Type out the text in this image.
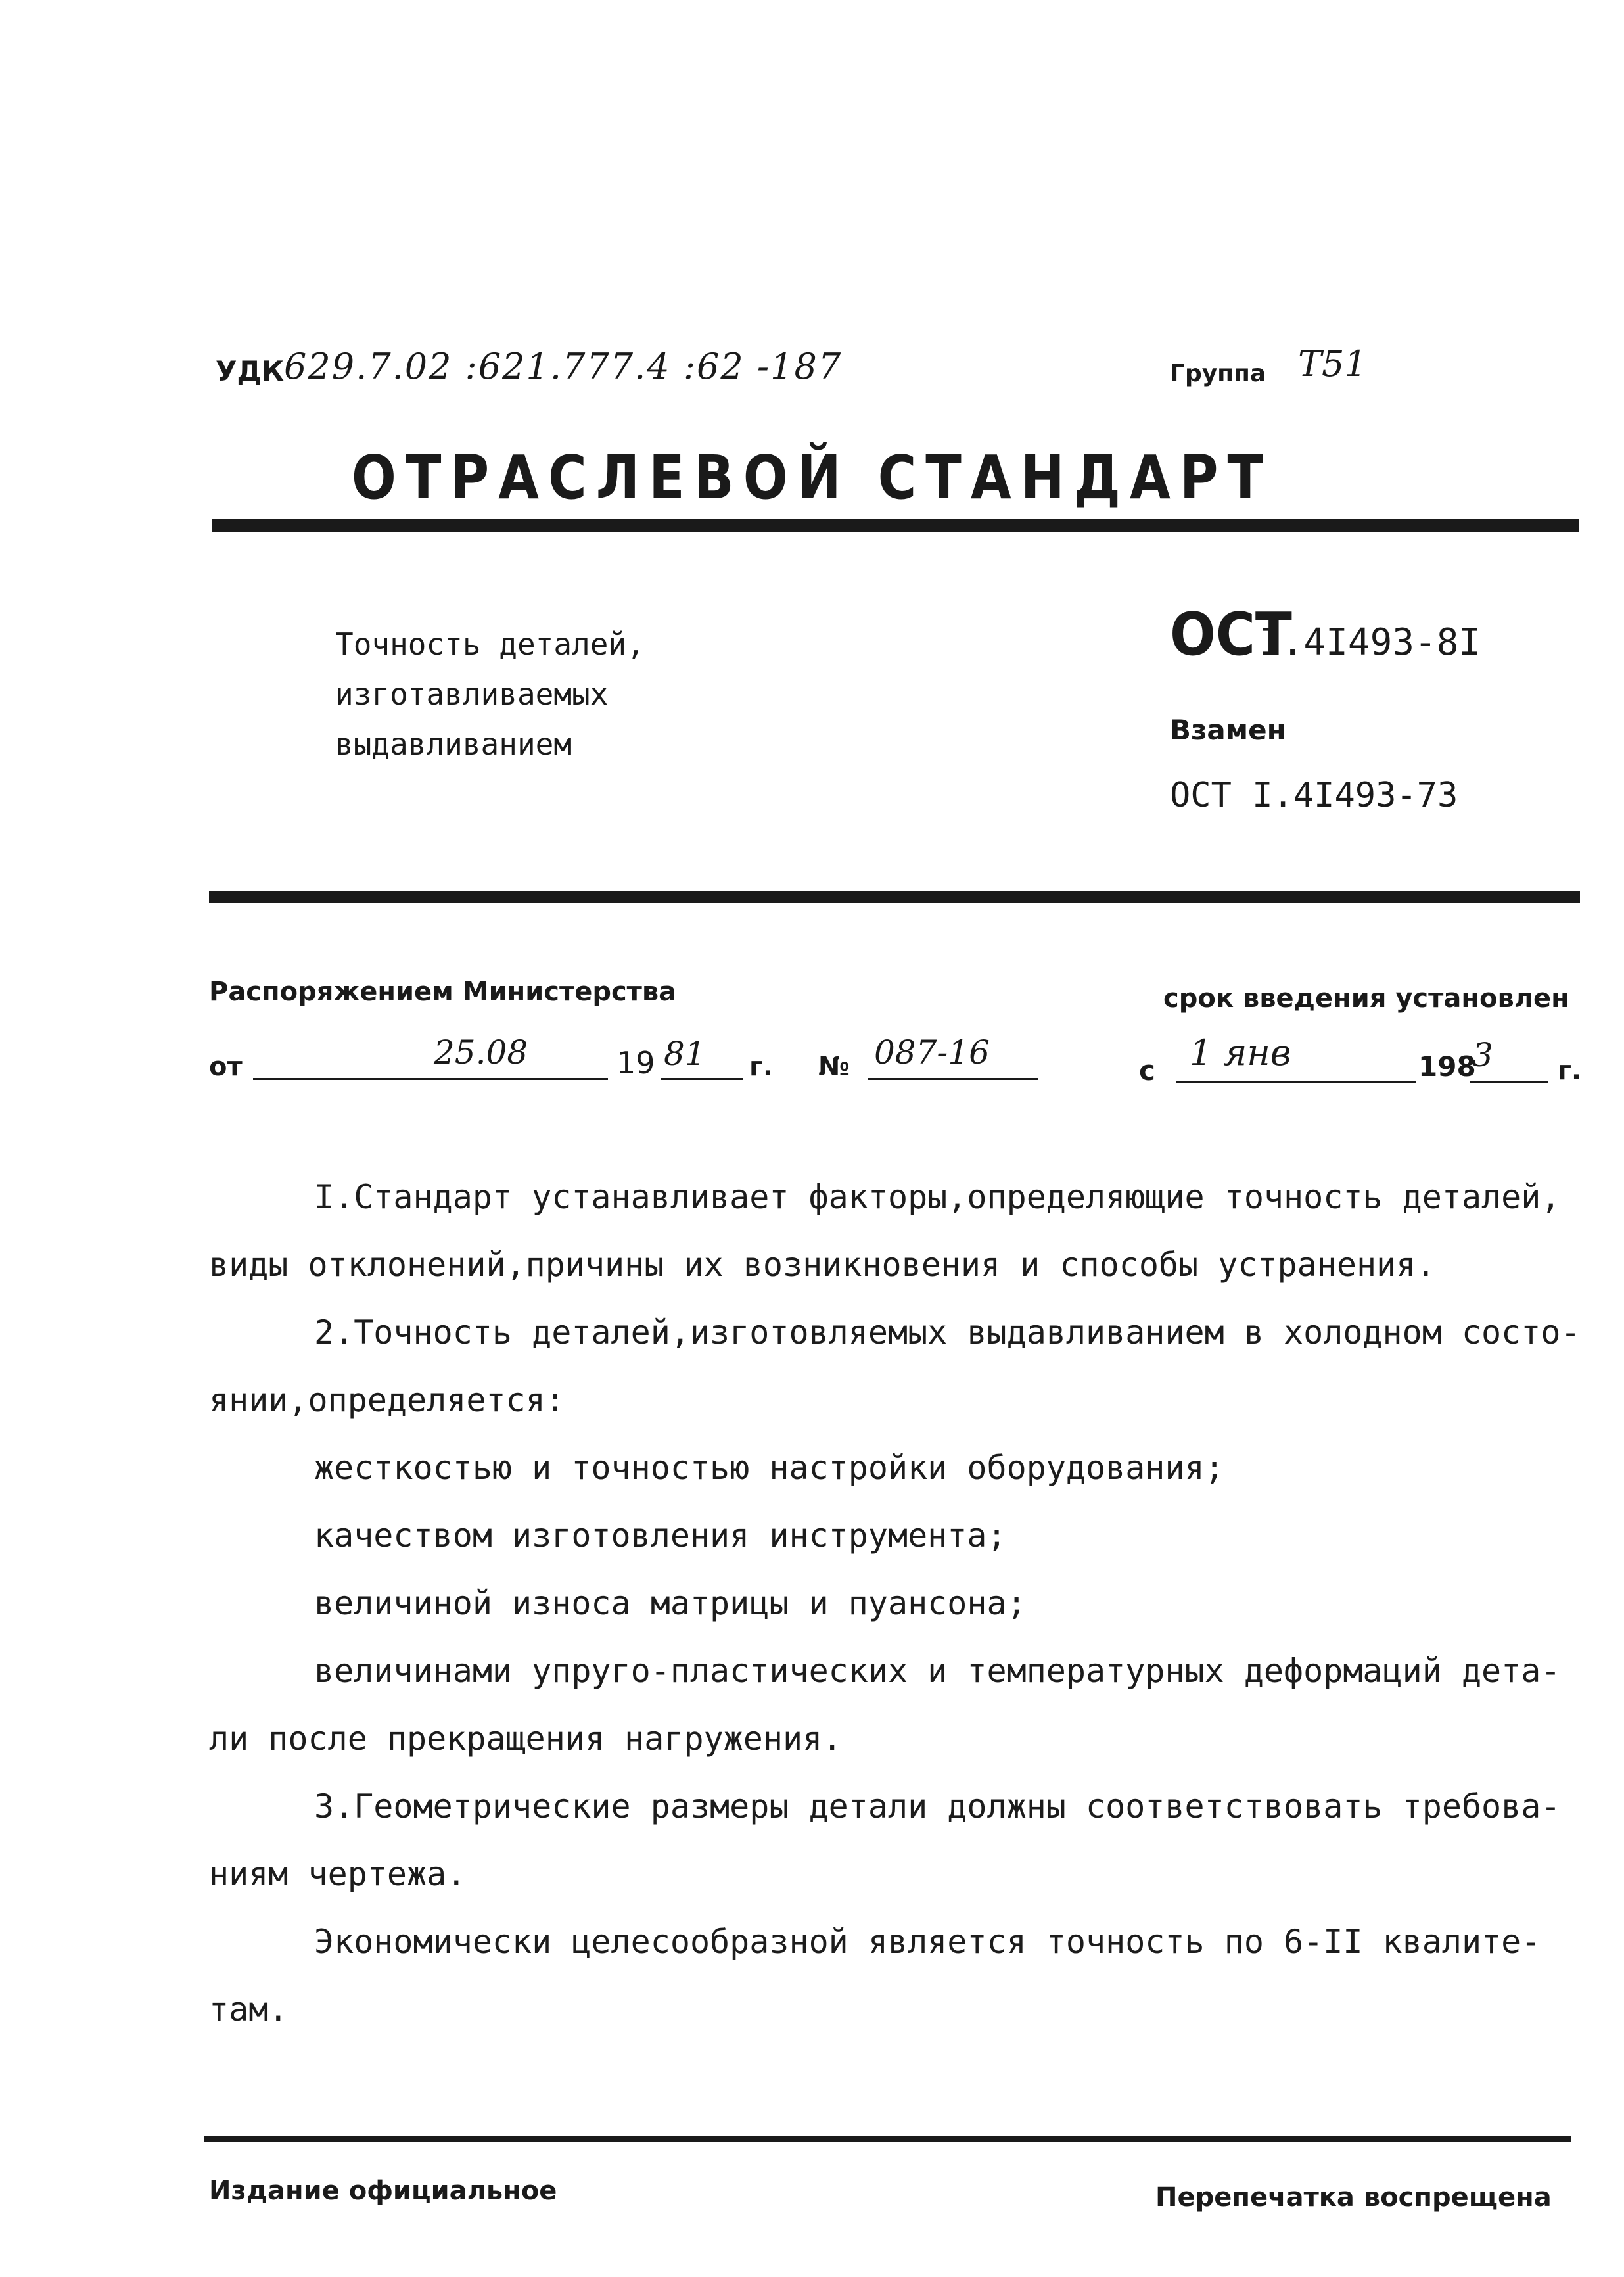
УДК 629.7.02 :621.777.4 :62 -187	Группа Т51
ОТРАСЛЕВОЙ СТАНДАРТ
Точность деталей,
изготавливаемых
выдавливанием
ОСТ
I.4I493-8I
Взамен
ОСТ I.4I493-73
Распоряжением Министерства	срок введения установлен
от	25.08	19 81 г. № 087-16	с 1 янв	198
3 г.
I.Стандарт устанавливает факторы,определяющие точность деталей,
виды отклонений,причины их возникновения и способы устранения.
2.Точность деталей,изготовляемых выдавливанием в холодном состо-
янии,определяется:
жесткостью и точностью настройки оборудования;
качеством изготовления инструмента;
величиной износа матрицы и пуансона;
величинами упруго-пластических и температурных деформаций дета-
ли после прекращения нагружения.
3.Геометрические размеры детали должны соответствовать требова-
ниям чертежа.
Экономически целесообразной является точность по 6-II квалите-
там.
Издание официальное	Перепечатка воспрещена
